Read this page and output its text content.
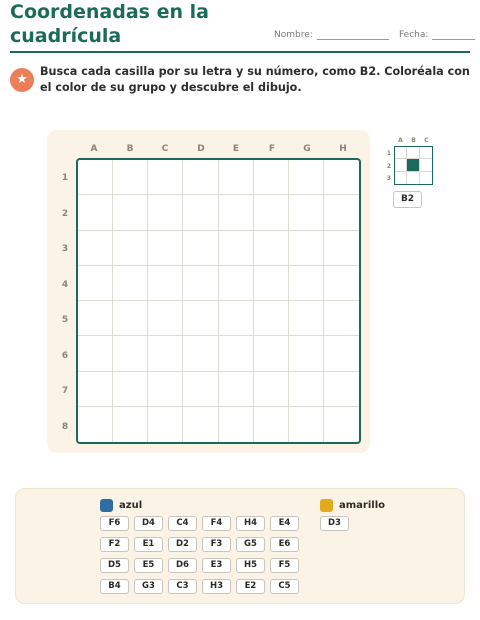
Coordenadas en la cuadrícula	Nombre:	Fecha:
★
Busca cada casilla por su letra y su número, como B2. Coloréala con el color de su grupo y descubre el dibujo.
A	B	C	D	E	F	G	H
1
2
3
4
5
6
7
8
A	B	C
1
2
3
B2
azul
F6	D4	C4	F4	H4	E4
F2	E1	D2	F3	G5	E6
D5	E5	D6	E3	H5	F5
B4	G3	C3	H3	E2	C5
amarillo
D3
